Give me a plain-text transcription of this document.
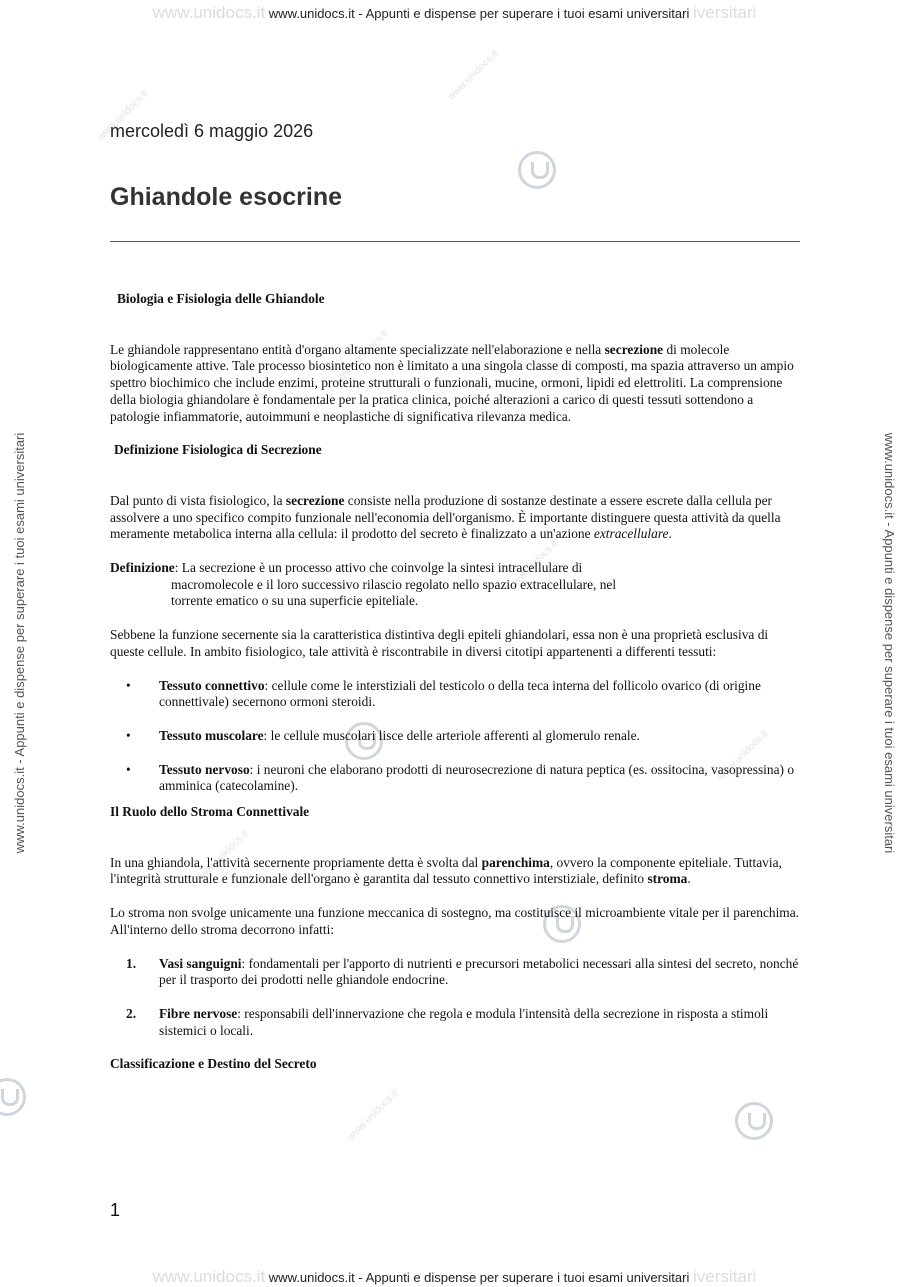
www.unidocs.it www.unidocs.it - Appunti e dispense per superare i tuoi esami universitari iversitari
www.unidocs.it www.unidocs.it - Appunti e dispense per superare i tuoi esami universitari iversitari
www.unidocs.it - Appunti e dispense per superare i tuoi esami universitari	www.unidocs.it - Appunti e dispense per superare i tuoi esami universitari
www.unidocs.it
www.unidocs.it
www.unidocs.it
www.unidocs.it
www.unidocs.it
www.unidocs.it
www.unidocs.it
mercoledì 6 maggio 2026
Ghiandole esocrine

Biologia e Fisiologia delle Ghiandole

Le ghiandole rappresentano entità d'organo altamente specializzate nell'elaborazione e nella secrezione di molecole biologicamente attive. Tale processo biosintetico non è limitato a una singola classe di composti, ma spazia attraverso un ampio spettro biochimico che include enzimi, proteine strutturali o funzionali, mucine, ormoni, lipidi ed elettroliti. La comprensione della biologia ghiandolare è fondamentale per la pratica clinica, poiché alterazioni a carico di questi tessuti sottendono a patologie infiammatorie, autoimmuni e neoplastiche di significativa rilevanza medica.

Definizione Fisiologica di Secrezione

Dal punto di vista fisiologico, la secrezione consiste nella produzione di sostanze destinate a essere escrete dalla cellula per assolvere a uno specifico compito funzionale nell'economia dell'organismo. È importante distinguere questa attività da quella meramente metabolica interna alla cellula: il prodotto del secreto è finalizzato a un'azione extracellulare.

Definizione: La secrezione è un processo attivo che coinvolge la sintesi intracellulare di

macromolecole e il loro successivo rilascio regolato nello spazio extracellulare, nel

torrente ematico o su una superficie epiteliale.

Sebbene la funzione secernente sia la caratteristica distintiva degli epiteli ghiandolari, essa non è una proprietà esclusiva di queste cellule. In ambito fisiologico, tale attività è riscontrabile in diversi citotipi appartenenti a differenti tessuti:

• Tessuto connettivo: cellule come le interstiziali del testicolo o della teca interna del follicolo ovarico (di origine connettivale) secernono ormoni steroidi.
• Tessuto muscolare: le cellule muscolari lisce delle arteriole afferenti al glomerulo renale.
• Tessuto nervoso: i neuroni che elaborano prodotti di neurosecrezione di natura peptica (es. ossitocina, vasopressina) o amminica (catecolamine).

Il Ruolo dello Stroma Connettivale

In una ghiandola, l'attività secernente propriamente detta è svolta dal parenchima, ovvero la componente epiteliale. Tuttavia, l'integrità strutturale e funzionale dell'organo è garantita dal tessuto connettivo interstiziale, definito stroma.

Lo stroma non svolge unicamente una funzione meccanica di sostegno, ma costituisce il microambiente vitale per il parenchima. All'interno dello stroma decorrono infatti:

1. Vasi sanguigni: fondamentali per l'apporto di nutrienti e precursori metabolici necessari alla sintesi del secreto, nonché per il trasporto dei prodotti nelle ghiandole endocrine.
2. Fibre nervose: responsabili dell'innervazione che regola e modula l'intensità della secrezione in risposta a stimoli sistemici o locali.

Classificazione e Destino del Secreto

1
